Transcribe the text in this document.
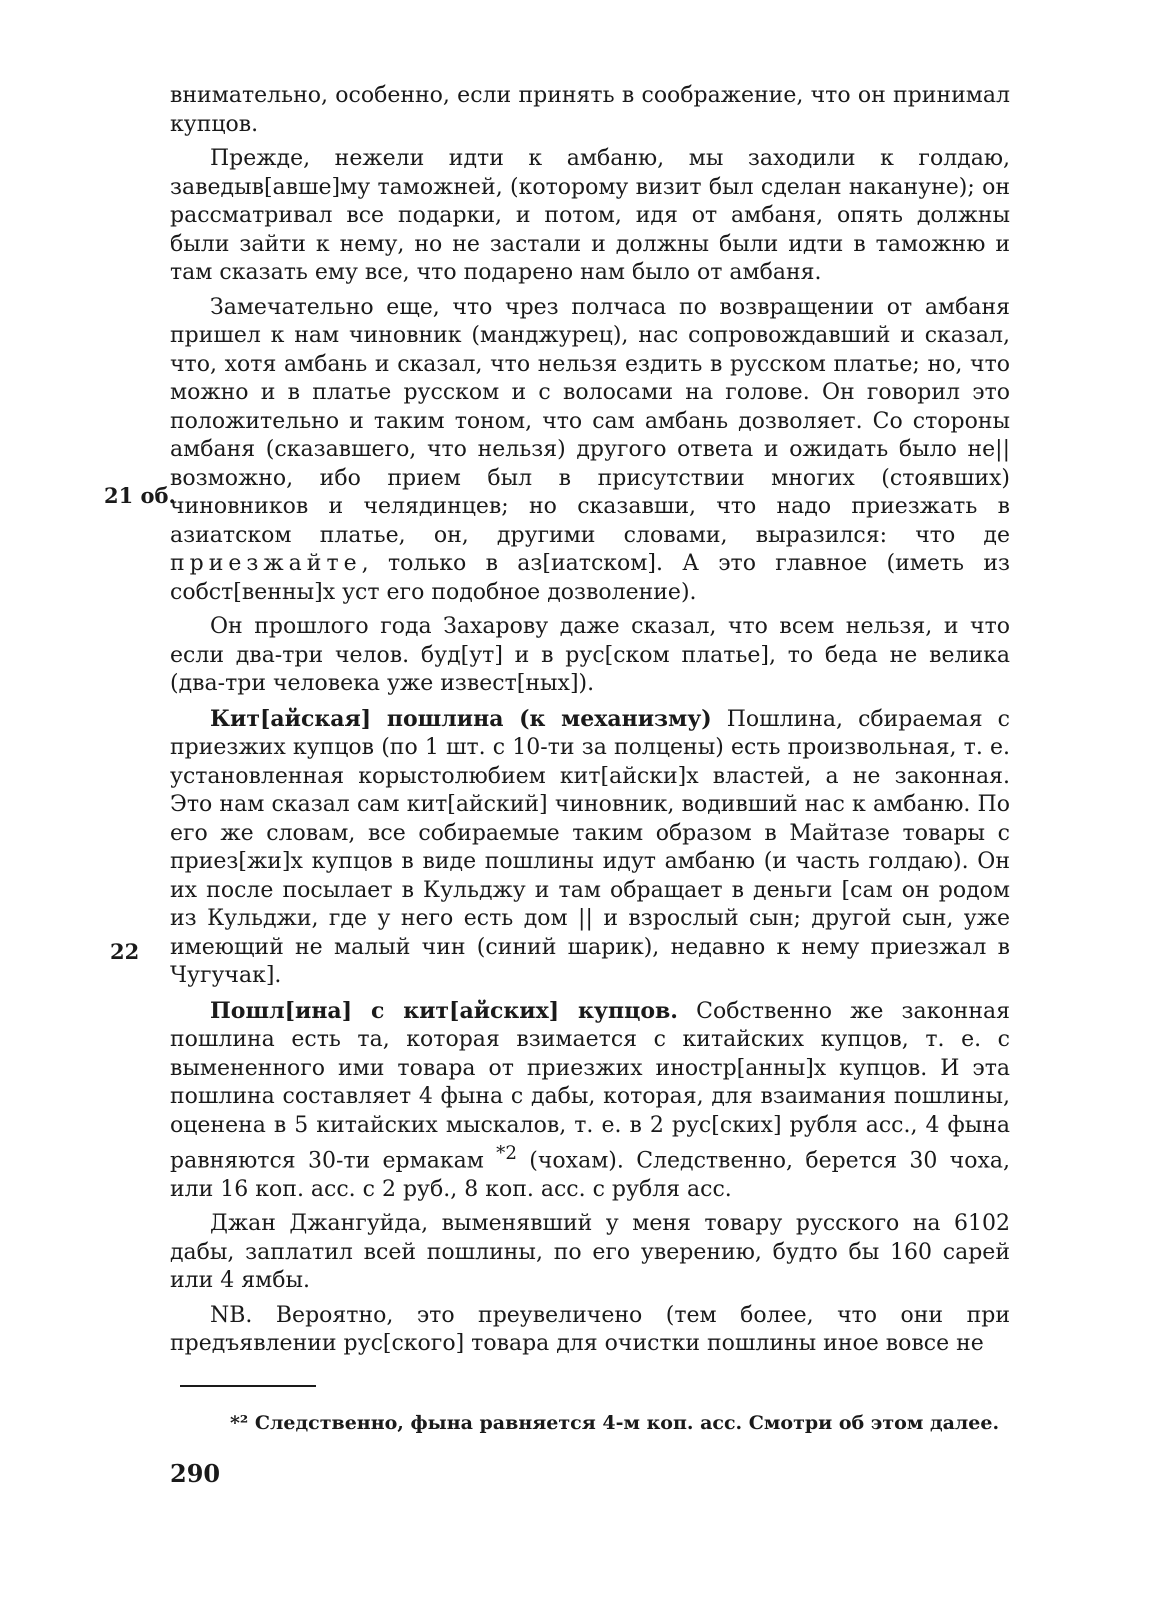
21 об.
22

внимательно, особенно, если принять в соображение, что он принимал купцов.

Прежде, нежели идти к амбаню, мы заходили к голдаю, заведыв[авше]му таможней, (которому визит был сделан накануне); он рассматривал все подарки, и потом, идя от амбаня, опять должны были зайти к нему, но не застали и должны были идти в таможню и там сказать ему все, что подарено нам было от амбаня.

Замечательно еще, что чрез полчаса по возвращении от амбаня пришел к нам чиновник (манджурец), нас сопровождавший и сказал, что, хотя амбань и сказал, что нельзя ездить в русском платье; но, что можно и в платье русском и с волосами на голове. Он говорил это положительно и таким тоном, что сам амбань дозволяет. Со стороны амбаня (сказавшего, что нельзя) другого ответа и ожидать было не||возможно, ибо прием был в присутствии многих (стоявших) чиновников и челядинцев; но сказавши, что надо приезжать в азиатском платье, он, другими словами, выразился: что де приезжайте, только в аз[иатском]. А это главное (иметь из собст[венны]х уст его подобное дозволение).

Он прошлого года Захарову даже сказал, что всем нельзя, и что если два-три челов. буд[ут] и в рус[ском платье], то беда не велика (два-три человека уже извест[ных]).

Кит[айская] пошлина (к механизму) Пошлина, сбираемая с приезжих купцов (по 1 шт. с 10-ти за полцены) есть произвольная, т. е. установленная корыстолюбием кит[айски]х властей, а не законная. Это нам сказал сам кит[айский] чиновник, водивший нас к амбаню. По его же словам, все собираемые таким образом в Майтазе товары с приез[жи]х купцов в виде пошлины идут амбаню (и часть голдаю). Он их после посылает в Кульджу и там обращает в деньги [сам он родом из Кульджи, где у него есть дом || и взрослый сын; другой сын, уже имеющий не малый чин (синий шарик), недавно к нему приезжал в Чугучак].

Пошл[ина] с кит[айских] купцов. Собственно же законная пошлина есть та, которая взимается с китайских купцов, т. е. с вымененного ими товара от приезжих иностр[анны]х купцов. И эта пошлина составляет 4 фына с дабы, которая, для взаимания пошлины, оценена в 5 китайских мыскалов, т. е. в 2 рус[ских] рубля асс., 4 фына равняются 30-ти ермакам $^{*2}$ (чохам). Следственно, берется 30 чоха, или 16 коп. асс. с 2 руб., 8 коп. асс. с рубля асс.

Джан Джангуйда, выменявший у меня товару русского на 6102 дабы, заплатил всей пошлины, по его уверению, будто бы 160 сарей или 4 ямбы.

NВ. Вероятно, это преувеличено (тем более, что они при предъявлении рус[ского] товара для очистки пошлины иное вовсе не

*² Следственно, фына равняется 4-м коп. асс. Смотри об этом далее.
290
